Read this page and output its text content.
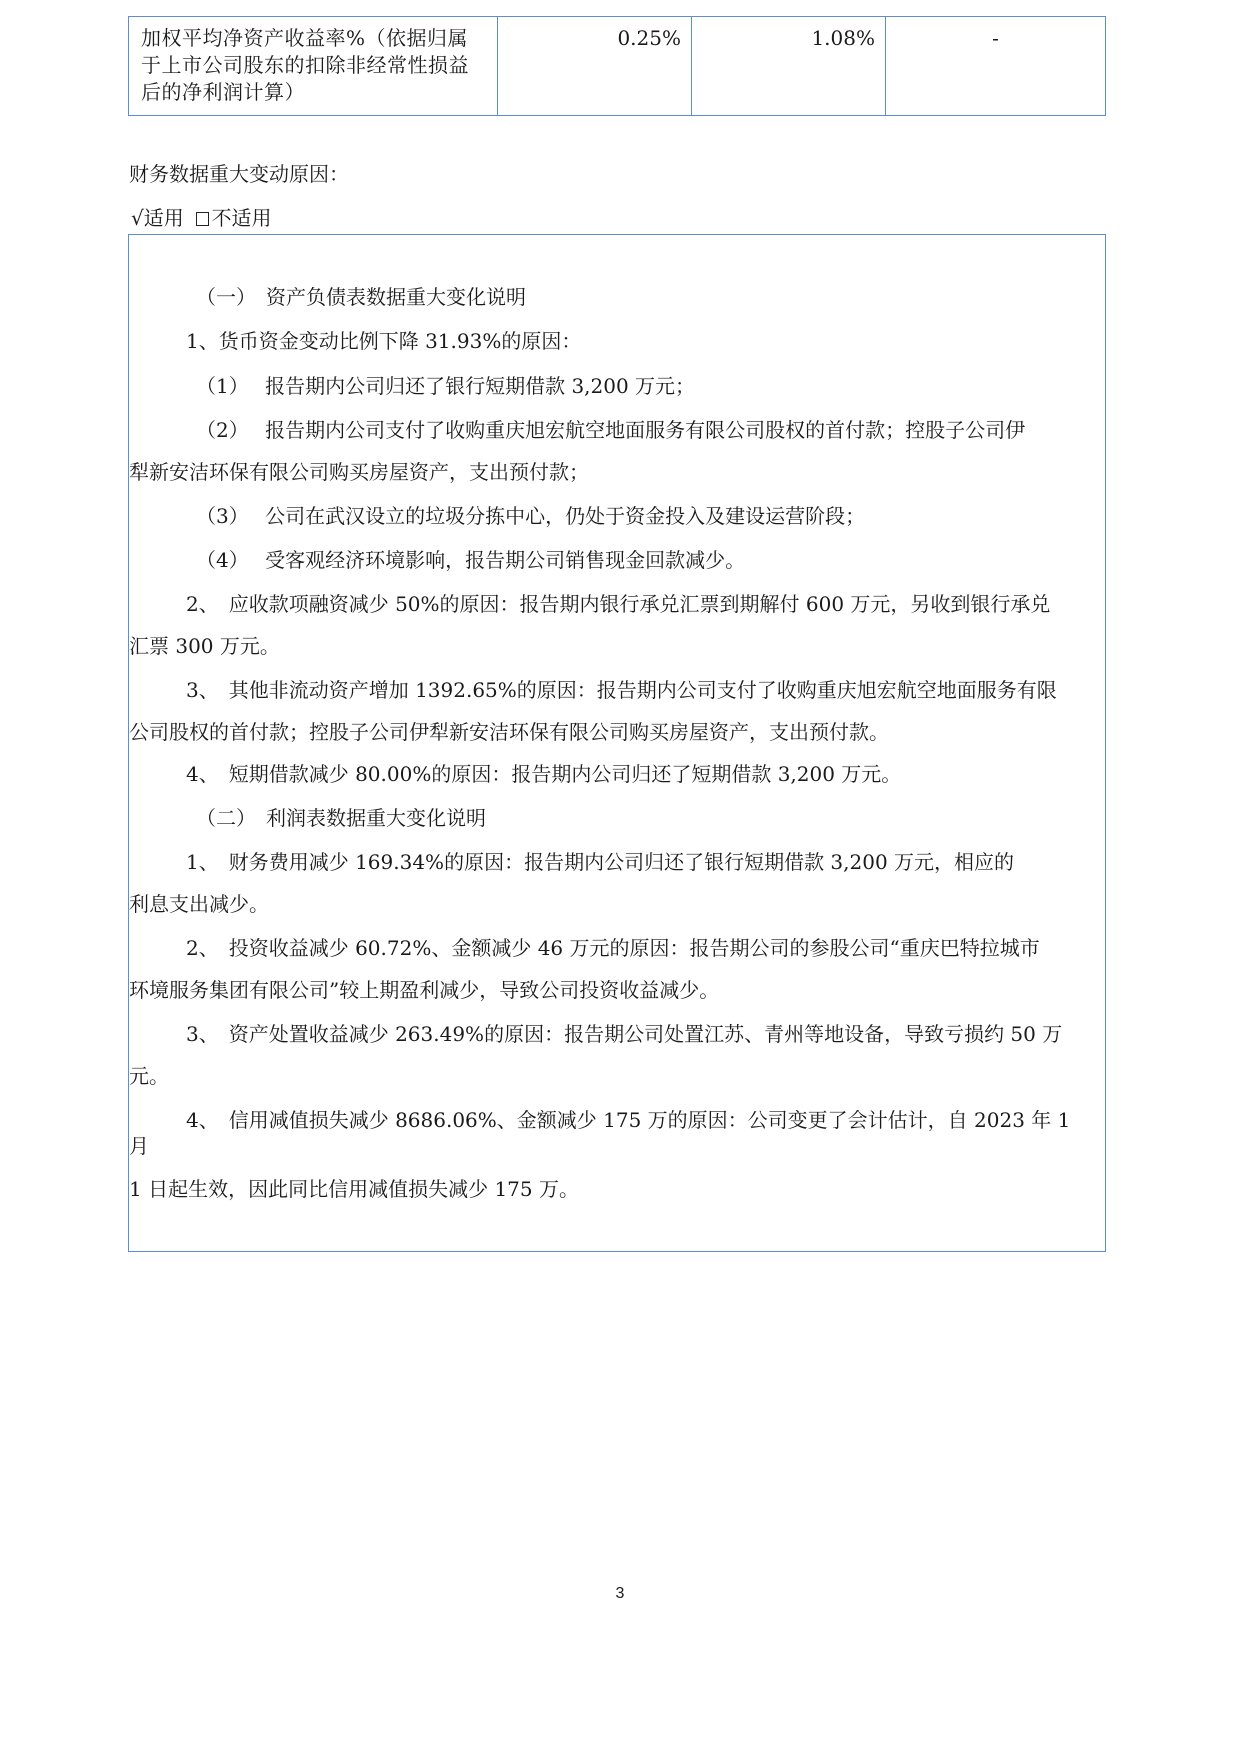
加权平均净资产收益率%（依据归属
于上市公司股东的扣除非经常性损益
后的净利润计算）
	0.25%	1.08%	-
财务数据重大变动原因：
√适用 不适用
（一）　资产负债表数据重大变化说明
1、货币资金变动比例下降 31.93%的原因：
（1）　 报告期内公司归还了银行短期借款 3,200 万元；
（2）　 报告期内公司支付了收购重庆旭宏航空地面服务有限公司股权的首付款；控股子公司伊
犁新安洁环保有限公司购买房屋资产，支出预付款；
（3）　 公司在武汉设立的垃圾分拣中心，仍处于资金投入及建设运营阶段；
（4）　 受客观经济环境影响，报告期公司销售现金回款减少。
2、　应收款项融资减少 50%的原因：报告期内银行承兑汇票到期解付 600 万元，另收到银行承兑
汇票 300 万元。
3、　其他非流动资产增加 1392.65%的原因：报告期内公司支付了收购重庆旭宏航空地面服务有限
公司股权的首付款；控股子公司伊犁新安洁环保有限公司购买房屋资产，支出预付款。
4、　短期借款减少 80.00%的原因：报告期内公司归还了短期借款 3,200 万元。
（二）　利润表数据重大变化说明
1、　财务费用减少 169.34%的原因：报告期内公司归还了银行短期借款 3,200 万元，相应的
利息支出减少。
2、　投资收益减少 60.72%、金额减少 46 万元的原因：报告期公司的参股公司“重庆巴特拉城市
环境服务集团有限公司”较上期盈利减少，导致公司投资收益减少。
3、　资产处置收益减少 263.49%的原因：报告期公司处置江苏、青州等地设备，导致亏损约 50 万
元。
4、　信用减值损失减少 8686.06%、金额减少 175 万的原因：公司变更了会计估计，自 2023 年 1
月
1 日起生效，因此同比信用减值损失减少 175 万。
3
